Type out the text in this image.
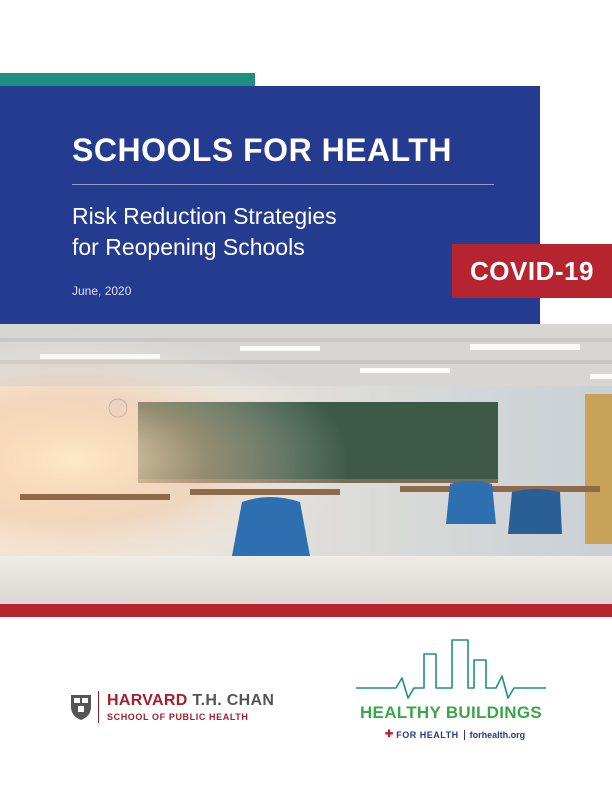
SCHOOLS FOR HEALTH
Risk Reduction Strategies
for Reopening Schools
June, 2020
COVID-19
HARVARD T.H. CHAN
SCHOOL OF PUBLIC HEALTH	HEALTHY BUILDINGS
✚ FOR HEALTH forhealth.org
